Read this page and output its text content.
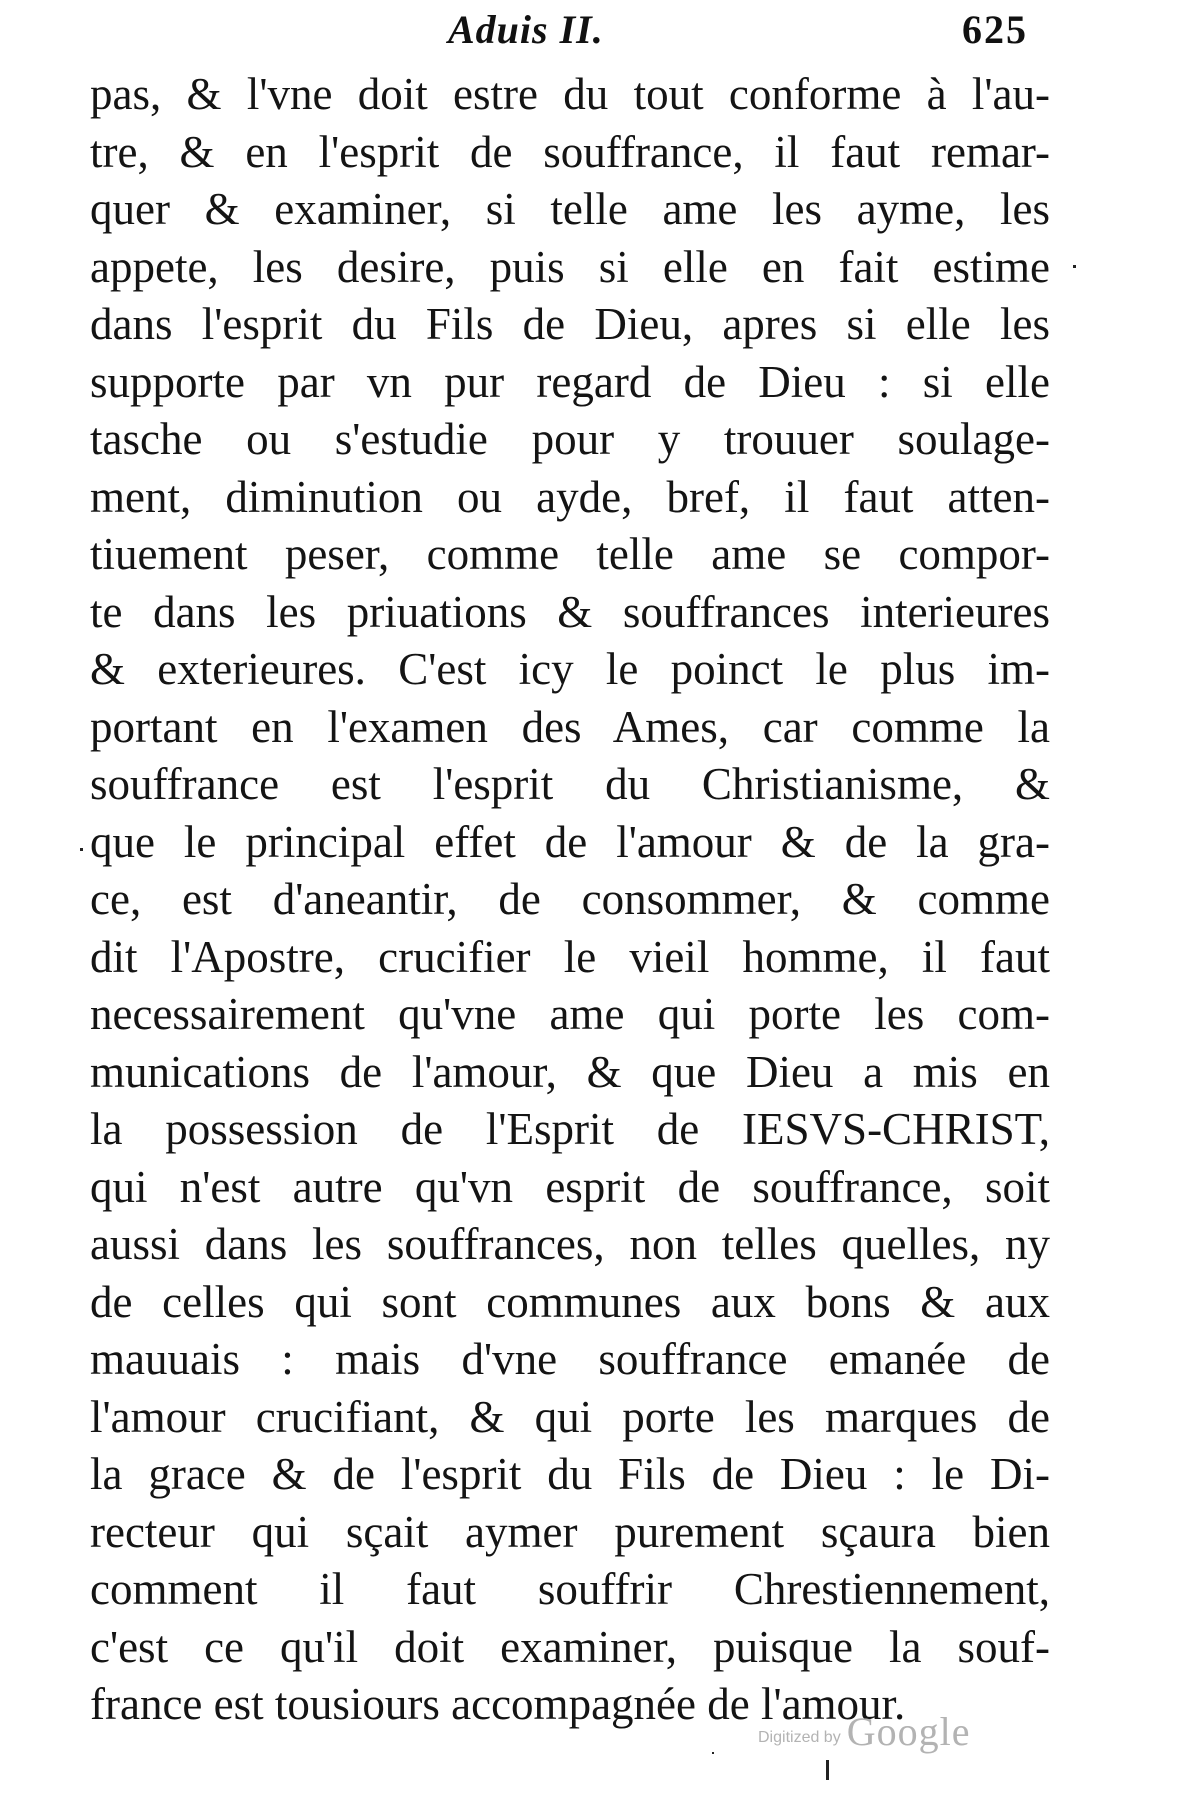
Aduis II.	625
pas, & l'vne doit estre du tout conforme à l'au-
tre, & en l'esprit de souffrance, il faut remar-
quer & examiner, si telle ame les ayme, les
appete, les desire, puis si elle en fait estime
dans l'esprit du Fils de Dieu, apres si elle les
supporte par vn pur regard de Dieu : si elle
tasche ou s'estudie pour y trouuer soulage-
ment, diminution ou ayde, bref, il faut atten-
tiuement peser, comme telle ame se compor-
te dans les priuations & souffrances interieures
& exterieures. C'est icy le poinct le plus im-
portant en l'examen des Ames, car comme la
souffrance est l'esprit du Christianisme, &
que le principal effet de l'amour & de la gra-
ce, est d'aneantir, de consommer, & comme
dit l'Apostre, crucifier le vieil homme, il faut
necessairement qu'vne ame qui porte les com-
munications de l'amour, & que Dieu a mis en
la possession de l'Esprit de IESVS-CHRIST,
qui n'est autre qu'vn esprit de souffrance, soit
aussi dans les souffrances, non telles quelles, ny
de celles qui sont communes aux bons & aux
mauuais : mais d'vne souffrance emanée de
l'amour crucifiant, & qui porte les marques de
la grace & de l'esprit du Fils de Dieu : le Di-
recteur qui sçait aymer purement sçaura bien
comment il faut souffrir Chrestiennement,
c'est ce qu'il doit examiner, puisque la souf-
france est tousiours accompagnée de l'amour.
Digitized by Google
